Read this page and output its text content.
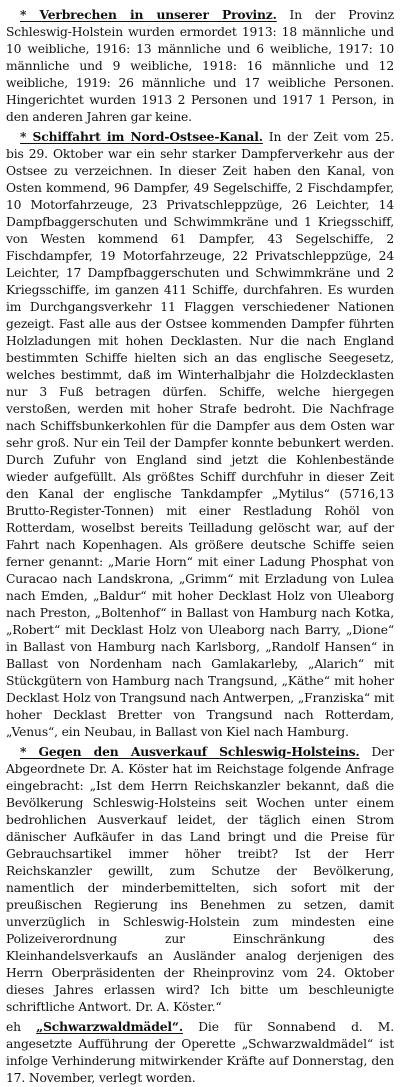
* Verbrechen in unserer Provinz. In der Provinz Schleswig-Holstein wurden ermordet 1913: 18 männliche und 10 weibliche, 1916: 13 männliche und 6 weibliche, 1917: 10 männliche und 9 weibliche, 1918: 16 männliche und 12 weibliche, 1919: 26 männliche und 17 weibliche Personen. Hingerichtet wurden 1913 2 Personen und 1917 1 Person, in den anderen Jahren gar keine.

* Schiffahrt im Nord-Ostsee-Kanal. In der Zeit vom 25. bis 29. Oktober war ein sehr starker Dampferverkehr aus der Ostsee zu verzeichnen. In dieser Zeit haben den Kanal, von Osten kommend, 96 Dampfer, 49 Segelschiffe, 2 Fischdampfer, 10 Motorfahrzeuge, 23 Privatschleppzüge, 26 Leichter, 14 Dampfbaggerschuten und Schwimmkräne und 1 Kriegsschiff, von Westen kommend 61 Dampfer, 43 Segelschiffe, 2 Fischdampfer, 19 Motorfahrzeuge, 22 Privatschleppzüge, 24 Leichter, 17 Dampfbaggerschuten und Schwimmkräne und 2 Kriegsschiffe, im ganzen 411 Schiffe, durchfahren. Es wurden im Durchgangsverkehr 11 Flaggen verschiedener Nationen gezeigt. Fast alle aus der Ostsee kommenden Dampfer führten Holzladungen mit hohen Decklasten. Nur die nach England bestimmten Schiffe hielten sich an das englische Seegesetz, welches bestimmt, daß im Winterhalbjahr die Holzdecklasten nur 3 Fuß betragen dürfen. Schiffe, welche hiergegen verstoßen, werden mit hoher Strafe bedroht. Die Nachfrage nach Schiffsbunkerkohlen für die Dampfer aus dem Osten war sehr groß. Nur ein Teil der Dampfer konnte bebunkert werden. Durch Zufuhr von England sind jetzt die Kohlenbestände wieder aufgefüllt. Als größtes Schiff durchfuhr in dieser Zeit den Kanal der englische Tankdampfer „Mytilus“ (5716,13 Brutto-Register-Tonnen) mit einer Restladung Rohöl von Rotterdam, woselbst bereits Teilladung gelöscht war, auf der Fahrt nach Kopenhagen. Als größere deutsche Schiffe seien ferner genannt: „Marie Horn“ mit einer Ladung Phosphat von Curacao nach Landskrona, „Grimm“ mit Erzladung von Lulea nach Emden, „Baldur“ mit hoher Decklast Holz von Uleaborg nach Preston, „Boltenhof“ in Ballast von Hamburg nach Kotka, „Robert“ mit Decklast Holz von Uleaborg nach Barry, „Dione“ in Ballast von Hamburg nach Karlsborg, „Randolf Hansen“ in Ballast von Nordenham nach Gamlakarleby, „Alarich“ mit Stückgütern von Hamburg nach Trangsund, „Käthe“ mit hoher Decklast Holz von Trangsund nach Antwerpen, „Franziska“ mit hoher Decklast Bretter von Trangsund nach Rotterdam, „Venus“, ein Neubau, in Ballast von Kiel nach Hamburg.

* Gegen den Ausverkauf Schleswig-Holsteins. Der Abgeordnete Dr. A. Köster hat im Reichstage folgende Anfrage eingebracht: „Ist dem Herrn Reichskanzler bekannt, daß die Bevölkerung Schleswig-Holsteins seit Wochen unter einem bedrohlichen Ausverkauf leidet, der täglich einen Strom dänischer Aufkäufer in das Land bringt und die Preise für Gebrauchsartikel immer höher treibt? Ist der Herr Reichskanzler gewillt, zum Schutze der Bevölkerung, namentlich der minderbemittelten, sich sofort mit der preußischen Regierung ins Benehmen zu setzen, damit unverzüglich in Schleswig-Holstein zum mindesten eine Polizeiverordnung zur Einschränkung des Kleinhandelsverkaufs an Ausländer analog derjenigen des Herrn Oberpräsidenten der Rheinprovinz vom 24. Oktober dieses Jahres erlassen wird? Ich bitte um beschleunigte schriftliche Antwort. Dr. A. Köster.“

eh „Schwarzwaldmädel“. Die für Sonnabend d. M. angesetzte Aufführung der Operette „Schwarzwaldmädel“ ist infolge Verhinderung mitwirkender Kräfte auf Donnerstag, den 17. November, verlegt worden.
